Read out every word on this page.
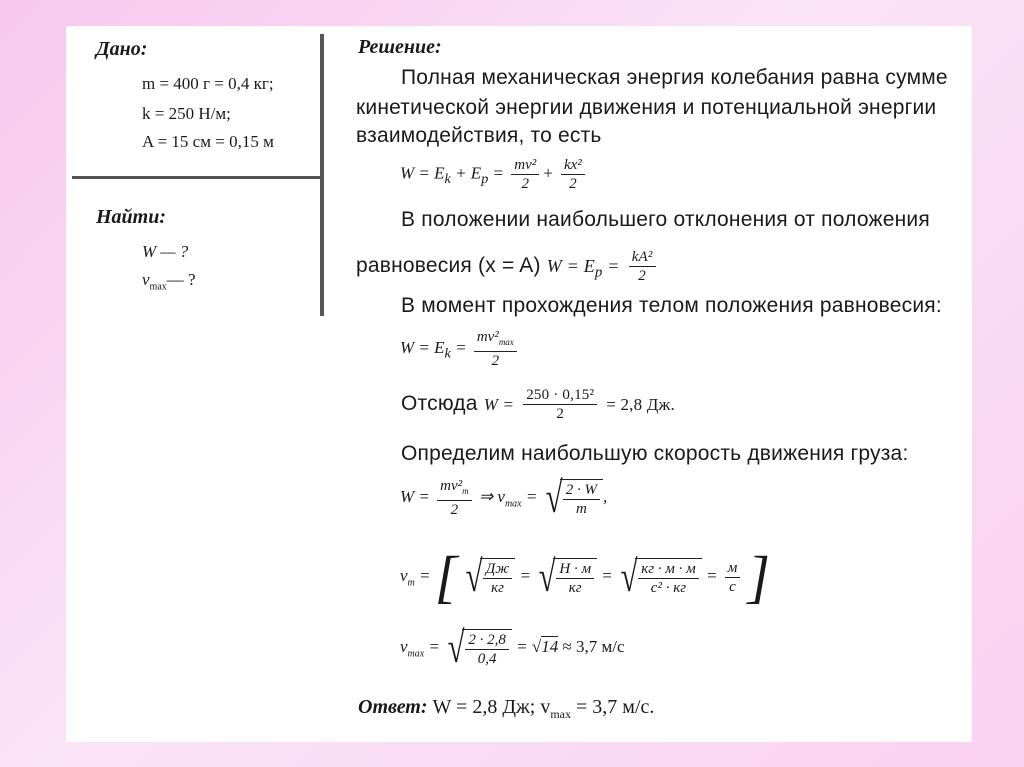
Дано:
m = 400 г = 0,4 кг;
k = 250 Н/м;
A = 15 см = 0,15 м
Найти:
W — ?
$v_{max}—$ ?
Решение:
Полная механическая энергия колебания равна сумме
кинетической энергии движения и потенциальной энергии
взаимодействия, то есть
$W = E_k + E_p = \frac{\text{mv²}}{2} + \frac{\text{kx²}}{2}$
В положении наибольшего отклонения от положения
равновесия (x = A) $W = E_p = \frac{\text{kA²}}{2}$
В момент прохождения телом положения равновесия:
$W = E_k = \frac{mv^2_{max}}{2}$
Отсюда $W = \frac{\text{250 · 0,15²}}{2} = 2,8$ Дж.
Определим наибольшую скорость движения груза:
$W = \frac{mv^2_m}{2}$ ⇒ $v_{max}$ = √ $\frac{2 \cdot W}{m}$ ,
$v_m$ = [ √ $\frac{Дж}{кг}$ = √ $\frac{Н \cdot м}{кг}$ = √ $\frac{кг \cdot м \cdot м}{\text{c² · кг}} = \frac{м}{c}$ ]
$v_{max}$ = √ $\frac{2 \cdot 2,8}{0,4} = √14 \approx 3,7$ м/с
Ответ: W = 2,8 Дж; $v_{max} = 3,7$ м/с.
